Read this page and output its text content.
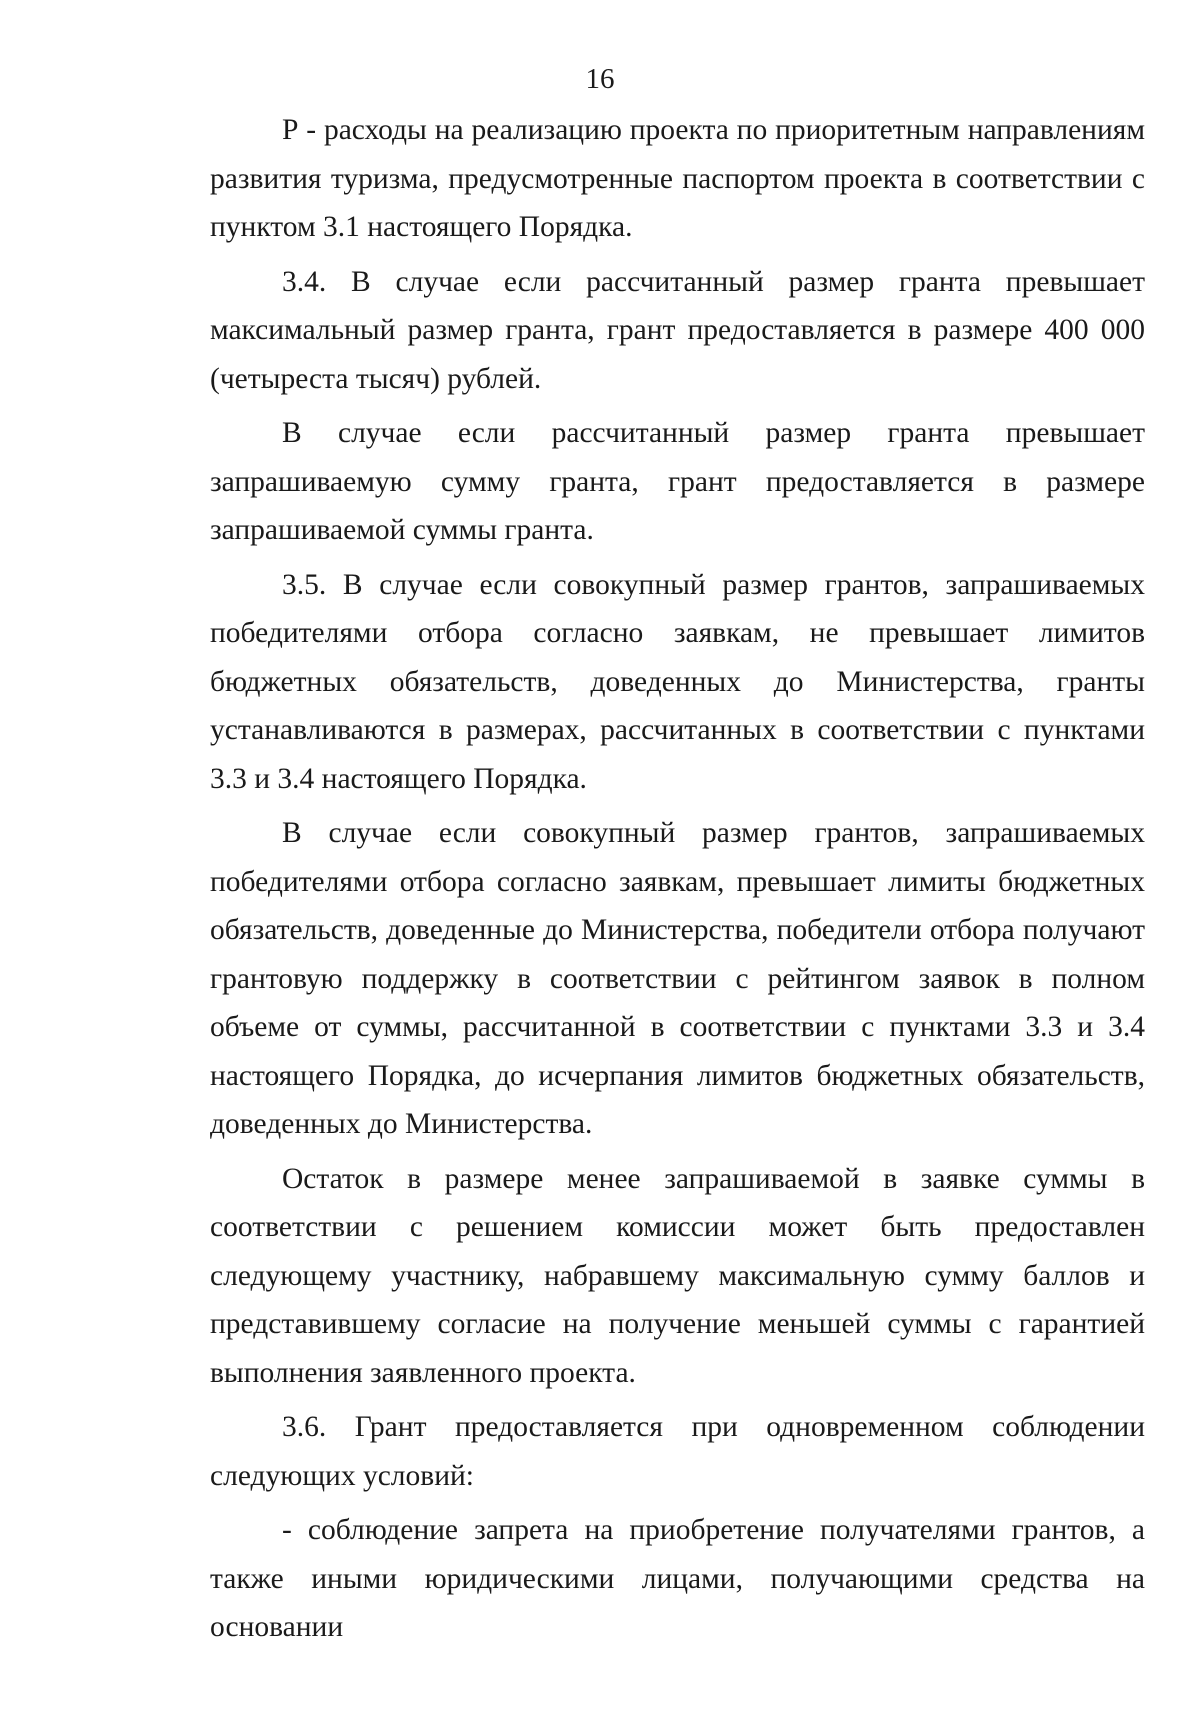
16

Р - расходы на реализацию проекта по приоритетным направлениям развития туризма, предусмотренные паспортом проекта в соответствии с пунктом 3.1 настоящего Порядка.

3.4. В случае если рассчитанный размер гранта превышает максимальный размер гранта, грант предоставляется в размере 400 000 (четыреста тысяч) рублей.

В случае если рассчитанный размер гранта превышает запрашиваемую сумму гранта, грант предоставляется в размере запрашиваемой суммы гранта.

3.5. В случае если совокупный размер грантов, запрашиваемых победителями отбора согласно заявкам, не превышает лимитов бюджетных обязательств, доведенных до Министерства, гранты устанавливаются в размерах, рассчитанных в соответствии с пунктами 3.3 и 3.4 настоящего Порядка.

В случае если совокупный размер грантов, запрашиваемых победителями отбора согласно заявкам, превышает лимиты бюджетных обязательств, доведенные до Министерства, победители отбора получают грантовую поддержку в соответствии с рейтингом заявок в полном объеме от суммы, рассчитанной в соответствии с пунктами 3.3 и 3.4 настоящего Порядка, до исчерпания лимитов бюджетных обязательств, доведенных до Министерства.

Остаток в размере менее запрашиваемой в заявке суммы в соответствии с решением комиссии может быть предоставлен следующему участнику, набравшему максимальную сумму баллов и представившему согласие на получение меньшей суммы с гарантией выполнения заявленного проекта.

3.6. Грант предоставляется при одновременном соблюдении следующих условий:

- соблюдение запрета на приобретение получателями грантов, а также иными юридическими лицами, получающими средства на основании
